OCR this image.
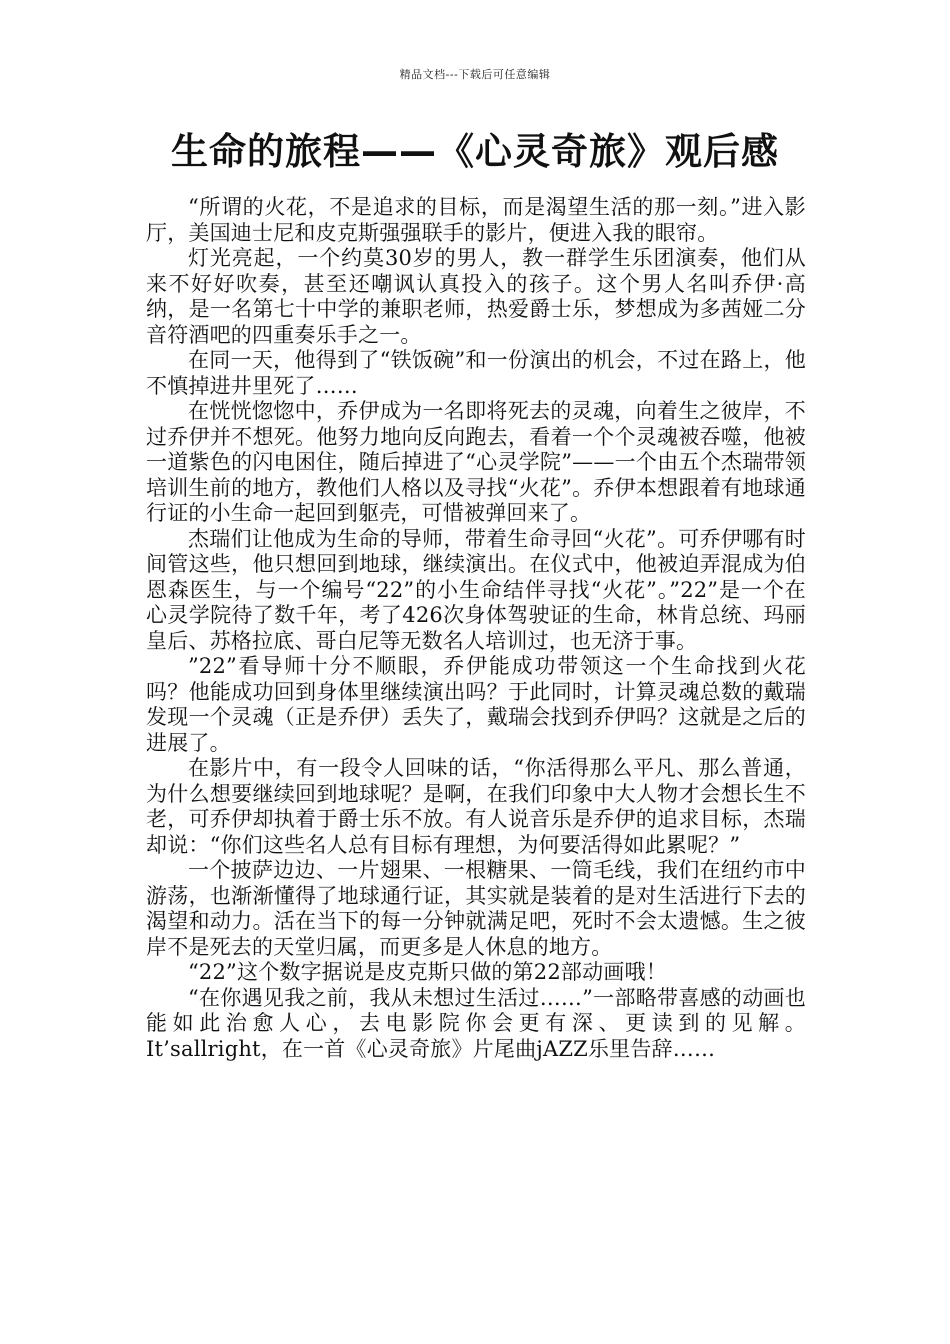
精品文档---下载后可任意编辑
生命的旅程——《心灵奇旅》观后感

“所谓的火花，不是追求的目标，而是渴望生活的那一刻。”进入影厅，美国迪士尼和皮克斯强强联手的影片，便进入我的眼帘。

灯光亮起，一个约莫30岁的男人，教一群学生乐团演奏，他们从来不好好吹奏，甚至还嘲讽认真投入的孩子。这个男人名叫乔伊·高纳，是一名第七十中学的兼职老师，热爱爵士乐，梦想成为多茜娅二分音符酒吧的四重奏乐手之一。

在同一天，他得到了“铁饭碗”和一份演出的机会，不过在路上，他不慎掉进井里死了……

在恍恍惚惚中，乔伊成为一名即将死去的灵魂，向着生之彼岸，不过乔伊并不想死。他努力地向反向跑去，看着一个个灵魂被吞噬，他被一道紫色的闪电困住，随后掉进了“心灵学院”——一个由五个杰瑞带领培训生前的地方，教他们人格以及寻找“火花”。乔伊本想跟着有地球通行证的小生命一起回到躯壳，可惜被弹回来了。

杰瑞们让他成为生命的导师，带着生命寻回“火花”。可乔伊哪有时间管这些，他只想回到地球，继续演出。在仪式中，他被迫弄混成为伯恩森医生，与一个编号“22”的小生命结伴寻找“火花”。”22”是一个在心灵学院待了数千年，考了426次身体驾驶证的生命，林肯总统、玛丽皇后、苏格拉底、哥白尼等无数名人培训过，也无济于事。

”22”看导师十分不顺眼，乔伊能成功带领这一个生命找到火花吗？他能成功回到身体里继续演出吗？于此同时，计算灵魂总数的戴瑞发现一个灵魂（正是乔伊）丢失了，戴瑞会找到乔伊吗？这就是之后的进展了。

在影片中，有一段令人回味的话，“你活得那么平凡、那么普通，为什么想要继续回到地球呢？是啊，在我们印象中大人物才会想长生不老，可乔伊却执着于爵士乐不放。有人说音乐是乔伊的追求目标，杰瑞却说：“你们这些名人总有目标有理想，为何要活得如此累呢？”

一个披萨边边、一片翅果、一根糖果、一筒毛线，我们在纽约市中游荡，也渐渐懂得了地球通行证，其实就是装着的是对生活进行下去的渴望和动力。活在当下的每一分钟就满足吧，死时不会太遗憾。生之彼岸不是死去的天堂归属，而更多是人休息的地方。

“22”这个数字据说是皮克斯只做的第22部动画哦！

“在你遇见我之前，我从未想过生活过……”一部略带喜感的动画也能如此治愈人心，去电影院你会更有深、更读到的见解。It’sallright，在一首《心灵奇旅》片尾曲jAZZ乐里告辞……
